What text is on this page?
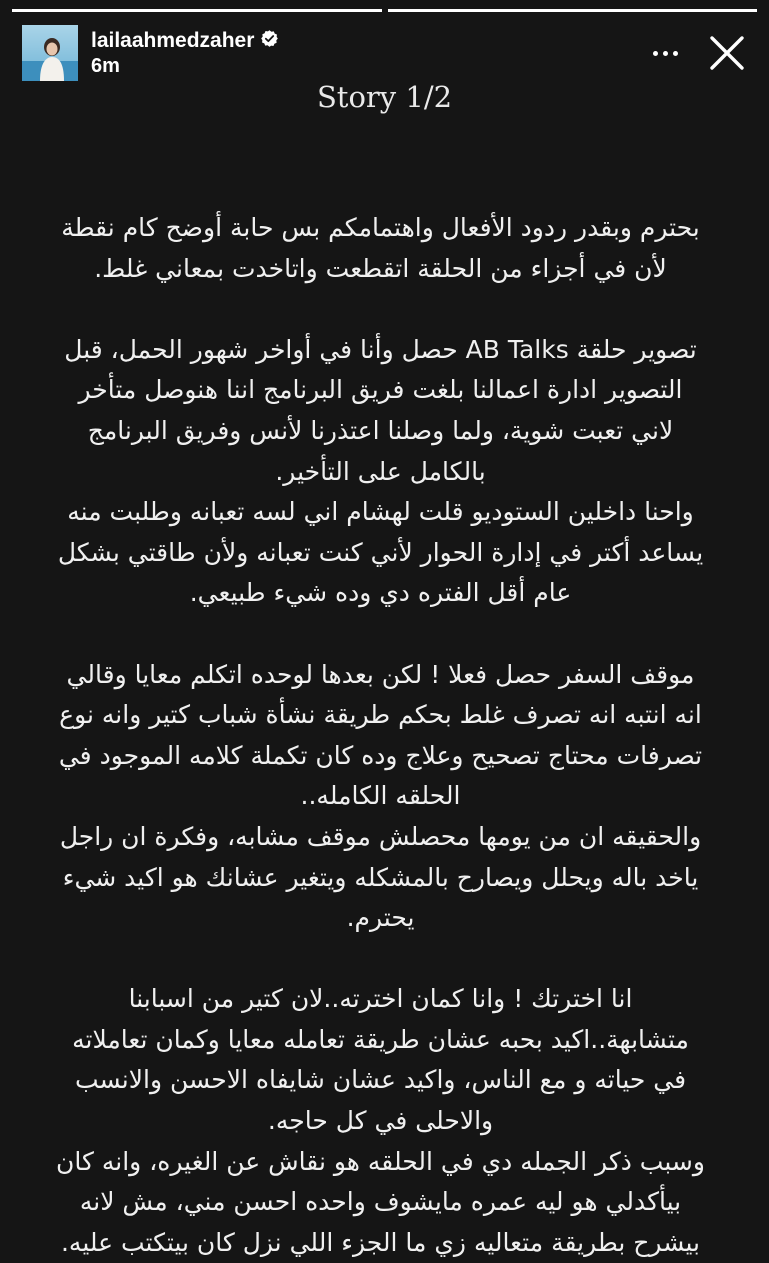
lailaahmedzaher
6m
Story 1/2
بحترم وبقدر ردود الأفعال واهتمامكم بس حابة أوضح كام نقطة لأن في أجزاء من الحلقة اتقطعت واتاخدت بمعاني غلط.
تصوير حلقة AB Talks حصل وأنا في أواخر شهور الحمل، قبل التصوير ادارة اعمالنا بلغت فريق البرنامج اننا هنوصل متأخر لاني تعبت شوية، ولما وصلنا اعتذرنا لأنس وفريق البرنامج بالكامل على التأخير.
واحنا داخلين الستوديو قلت لهشام اني لسه تعبانه وطلبت منه يساعد أكتر في إدارة الحوار لأني كنت تعبانه ولأن طاقتي بشكل عام أقل الفتره دي وده شيء طبيعي.
موقف السفر حصل فعلا ! لكن بعدها لوحده اتكلم معايا وقالي انه انتبه انه تصرف غلط بحكم طريقة نشأة شباب كتير وانه نوع تصرفات محتاج تصحيح وعلاج وده كان تكملة كلامه الموجود في الحلقه الكامله..
والحقيقه ان من يومها محصلش موقف مشابه، وفكرة ان راجل ياخد باله ويحلل ويصارح بالمشكله ويتغير عشانك هو اكيد شيء يحترم.
انا اخترتك ! وانا كمان اخترته..لان كتير من اسبابنا متشابهة..اكيد بحبه عشان طريقة تعامله معايا وكمان تعاملاته في حياته و مع الناس، واكيد عشان شايفاه الاحسن والانسب والاحلى في كل حاجه.
وسبب ذكر الجمله دي في الحلقه هو نقاش عن الغيره، وانه كان بيأكدلي هو ليه عمره مايشوف واحده احسن مني، مش لانه بيشرح بطريقة متعاليه زي ما الجزء اللي نزل كان بيتكتب عليه.
